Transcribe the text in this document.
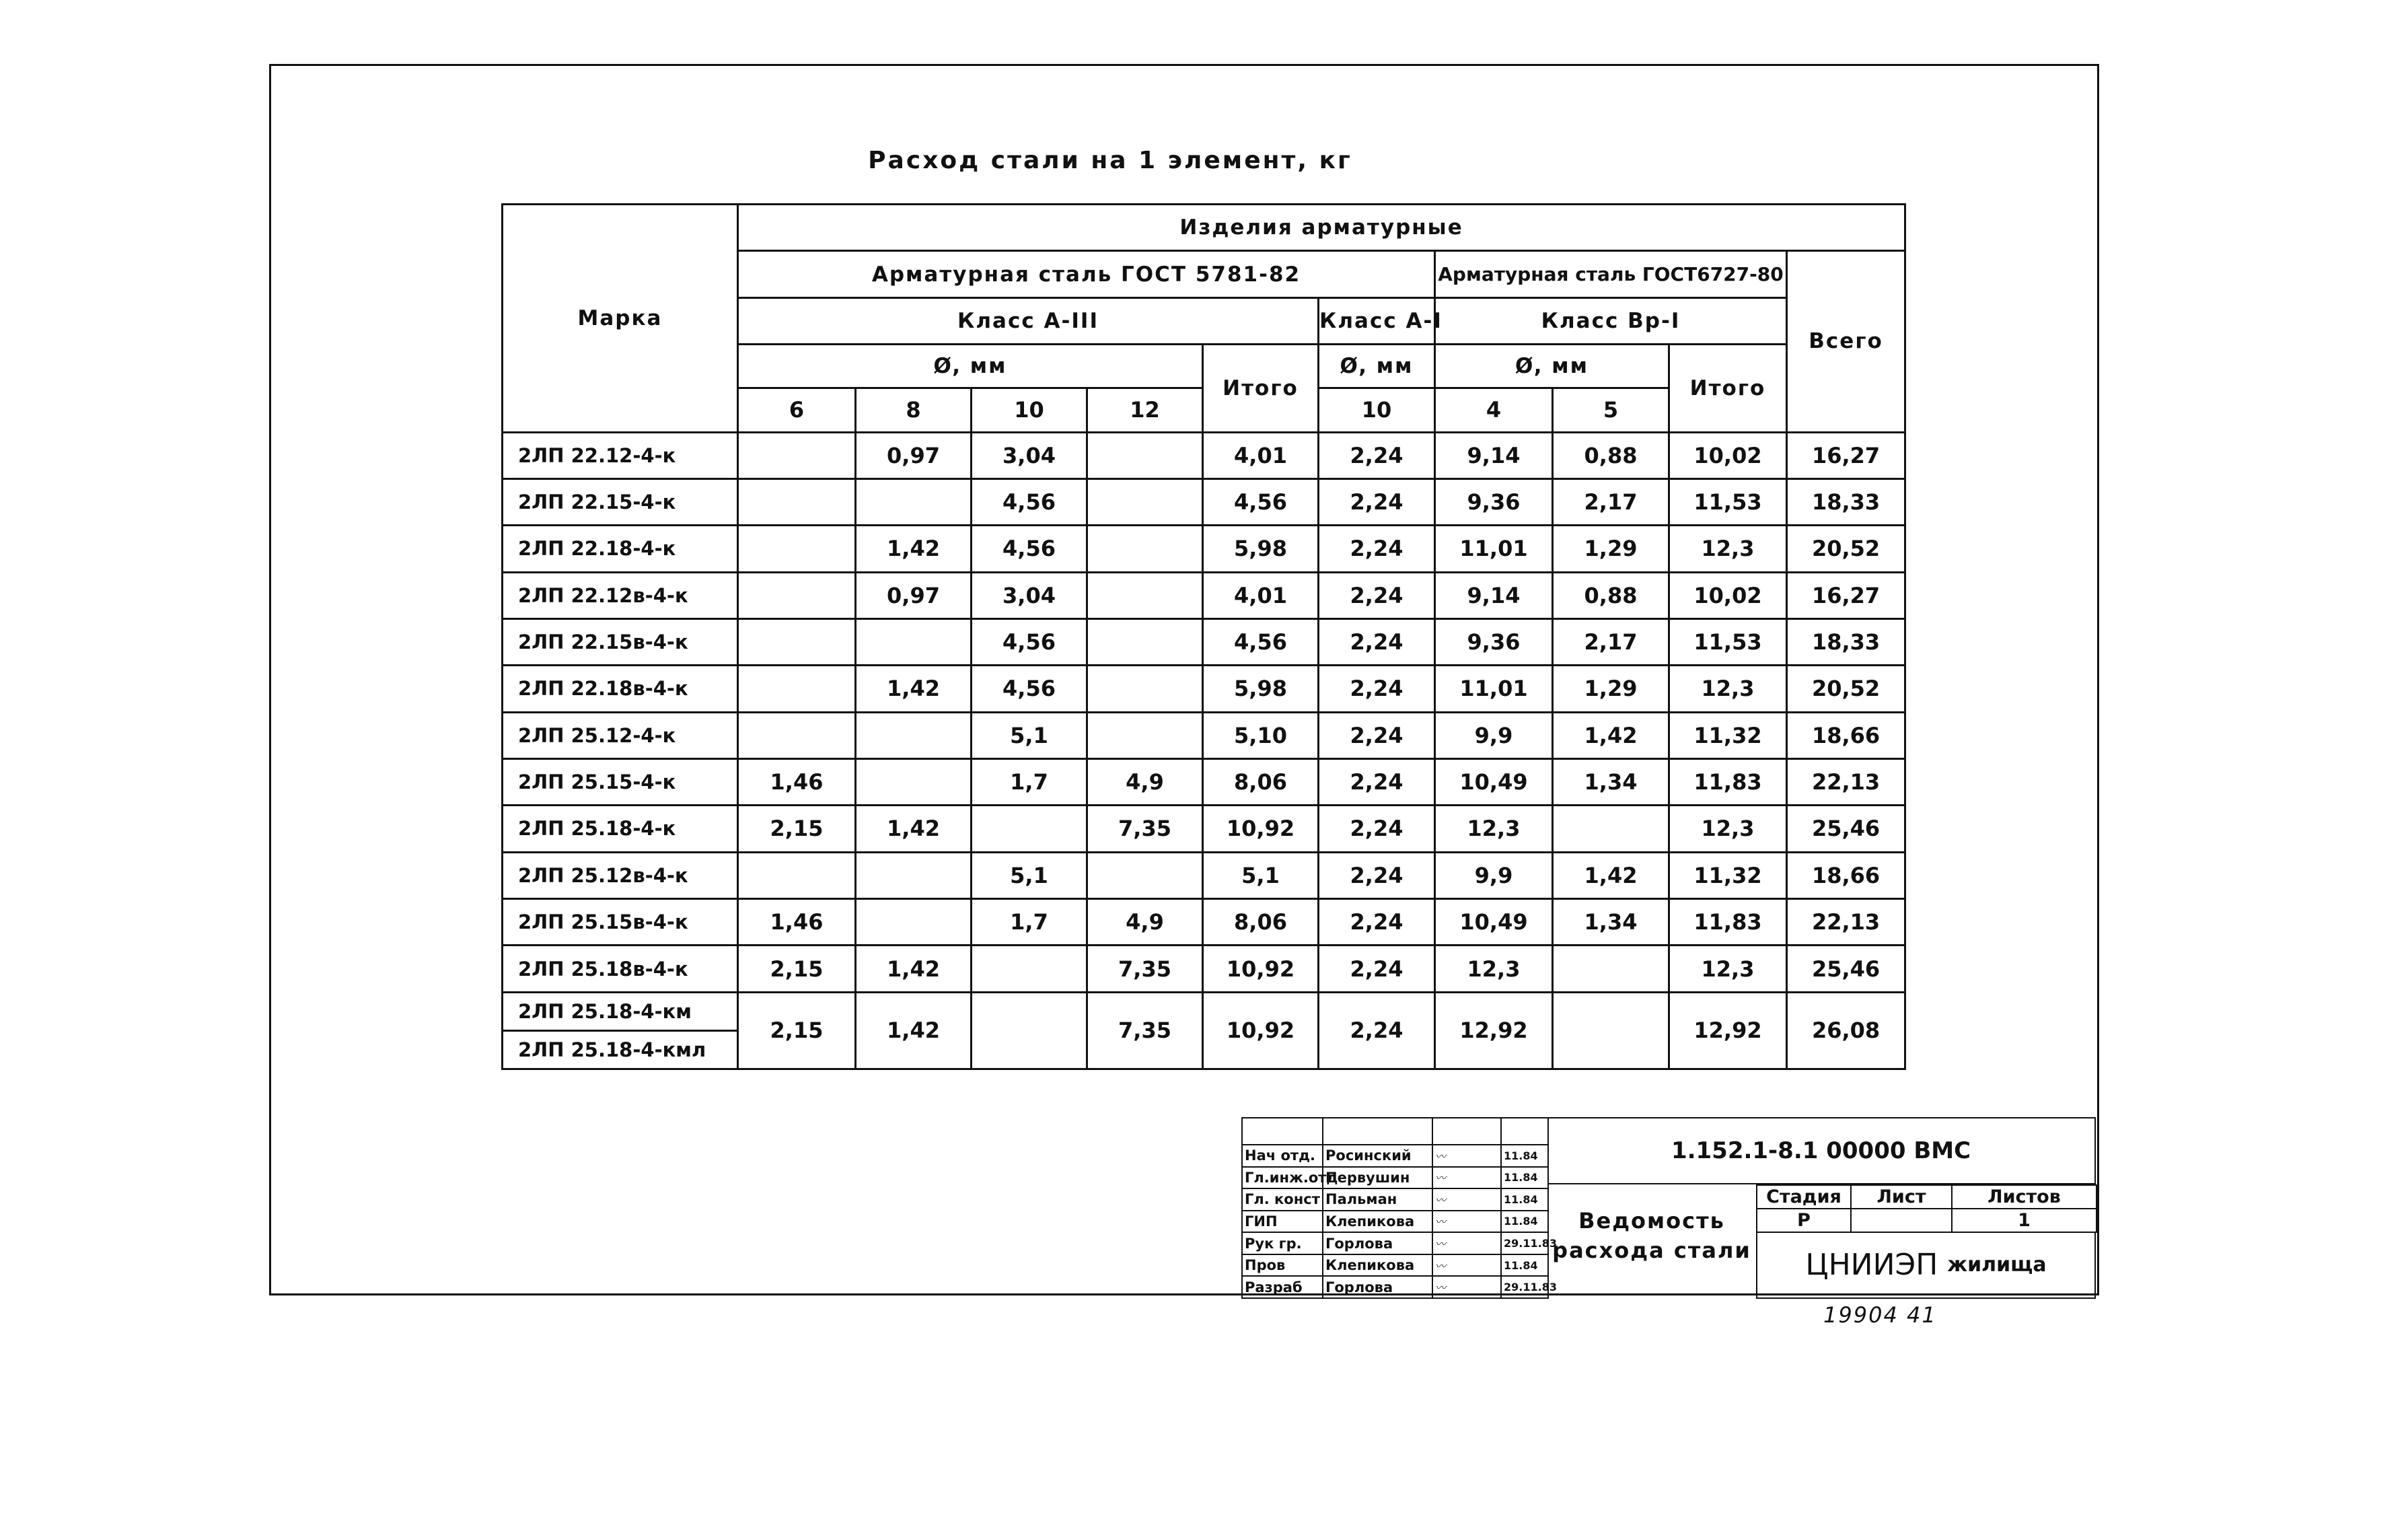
Расход стали на 1 элемент, кг
Марка	Изделия арматурные									
	Арматурная сталь ГОСТ 5781-82						Арматурная сталь ГОСТ6727-80			Всего
	Класс А-III					Класс А-I	Класс Вр-I			
	Ø, мм				Итого	Ø, мм	Ø, мм		Итого	
	6	8	10	12		10	4	5		
2ЛП 22.12-4-к		0,97	3,04		4,01	2,24	9,14	0,88	10,02	16,27
2ЛП 22.15-4-к			4,56		4,56	2,24	9,36	2,17	11,53	18,33
2ЛП 22.18-4-к		1,42	4,56		5,98	2,24	11,01	1,29	12,3	20,52
2ЛП 22.12в-4-к		0,97	3,04		4,01	2,24	9,14	0,88	10,02	16,27
2ЛП 22.15в-4-к			4,56		4,56	2,24	9,36	2,17	11,53	18,33
2ЛП 22.18в-4-к		1,42	4,56		5,98	2,24	11,01	1,29	12,3	20,52
2ЛП 25.12-4-к			5,1		5,10	2,24	9,9	1,42	11,32	18,66
2ЛП 25.15-4-к	1,46		1,7	4,9	8,06	2,24	10,49	1,34	11,83	22,13
2ЛП 25.18-4-к	2,15	1,42		7,35	10,92	2,24	12,3		12,3	25,46
2ЛП 25.12в-4-к			5,1		5,1	2,24	9,9	1,42	11,32	18,66
2ЛП 25.15в-4-к	1,46		1,7	4,9	8,06	2,24	10,49	1,34	11,83	22,13
2ЛП 25.18в-4-к	2,15	1,42		7,35	10,92	2,24	12,3		12,3	25,46
2ЛП 25.18-4-км	2,15	1,42		7,35	10,92	2,24	12,92		12,92	26,08
2ЛП 25.18-4-кмл										

Нач отд.	Росинский	〰	11.84
Гл.инж.отд	Первушин	〰	11.84
Гл. конст	Пальман	〰	11.84
ГИП	Клепикова	〰	11.84
Рук гр.	Горлова	〰	29.11.83
Пров	Клепикова	〰	11.84
Разраб	Горлова	〰	29.11.83
1.152.1-8.1 00000 ВМС
Ведомость
расхода стали
Стадия	Лист	Листов
Р		1
ЦНИИЭП жилища
19904 41
